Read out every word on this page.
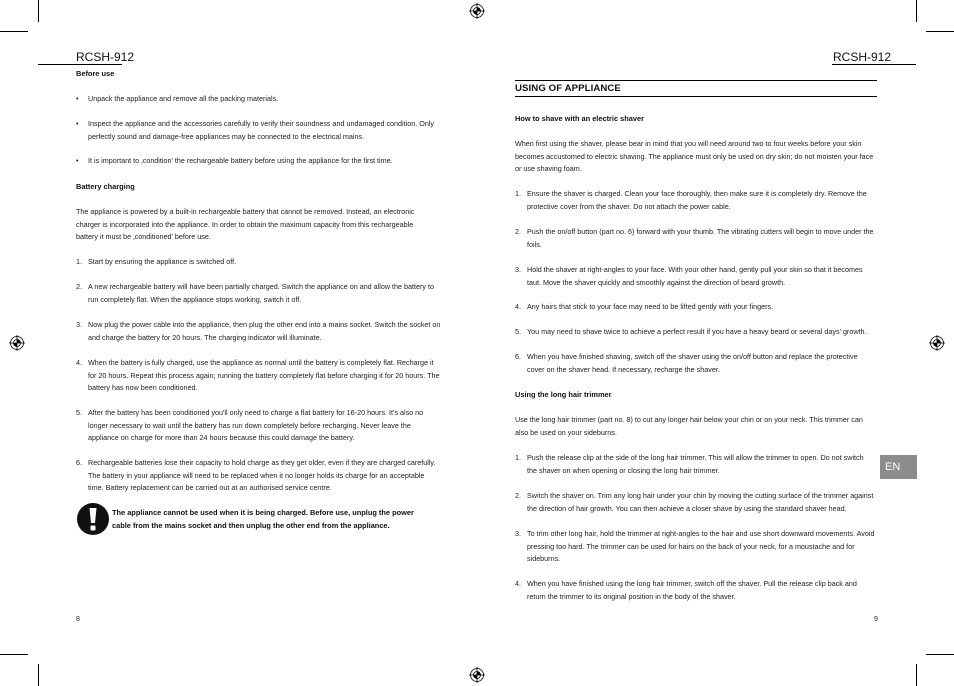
RCSH-912
Before use
• Unpack the appliance and remove all the packing materials.
• Inspect the appliance and the accessories carefully to verify their soundness and undamaged condition. Only perfectly sound and damage-free appliances may be connected to the electrical mains.
• It is important to ‚condition' the rechargeable battery before using the appliance for the first time.
Battery charging
The appliance is powered by a built-in rechargeable battery that cannot be removed. Instead, an electronic charger is incorporated into the appliance. In order to obtain the maximum capacity from this rechargeable battery it must be ‚conditioned' before use.
1. Start by ensuring the appliance is switched off.
2. A new rechargeable battery will have been partially charged. Switch the appliance on and allow the battery to run completely flat. When the appliance stops working, switch it off.
3. Now plug the power cable into the appliance, then plug the other end into a mains socket. Switch the socket on and charge the battery for 20 hours. The charging indicator will illuminate.
4. When the battery is fully charged, use the appliance as normal until the battery is completely flat. Recharge it for 20 hours. Repeat this process again; running the battery completely flat before charging it for 20 hours. The battery has now been conditioned.
5. After the battery has been conditioned you'll only need to charge a flat battery for 16-20 hours. It's also no longer necessary to wait until the battery has run down completely before recharging. Never leave the appliance on charge for more than 24 hours because this could damage the battery.
6. Rechargeable batteries lose their capacity to hold charge as they get older, even if they are charged carefully. The battery in your appliance will need to be replaced when it no longer holds its charge for an acceptable time. Battery replacement can be carried out at an authorised service centre.
The appliance cannot be used when it is being charged. Before use, unplug the power cable from the mains socket and then unplug the other end from the appliance.
8
RCSH-912
USING OF APPLIANCE
How to shave with an electric shaver
When first using the shaver, please bear in mind that you will need around two to four weeks before your skin becomes accustomed to electric shaving. The appliance must only be used on dry skin; do not moisten your face or use shaving foam.
1. Ensure the shaver is charged. Clean your face thoroughly, then make sure it is completely dry. Remove the protective cover from the shaver. Do not attach the power cable.
2. Push the on/off button (part no. 6) forward with your thumb. The vibrating cutters will begin to move under the foils.
3. Hold the shaver at right-angles to your face. With your other hand, gently pull your skin so that it becomes taut. Move the shaver quickly and smoothly against the direction of beard growth.
4. Any hairs that stick to your face may need to be lifted gently with your fingers.
5. You may need to shave twice to achieve a perfect result if you have a heavy beard or several days' growth.
6. When you have finished shaving, switch off the shaver using the on/off button and replace the protective cover on the shaver head. If necessary, recharge the shaver.
Using the long hair trimmer
Use the long hair trimmer (part no. 8) to cut any longer hair below your chin or on your neck. This trimmer can also be used on your sideburns.
1. Push the release clip at the side of the long hair trimmer. This will allow the trimmer to open. Do not switch the shaver on when opening or closing the long hair trimmer.
2. Switch the shaver on. Trim any long hair under your chin by moving the cutting surface of the trimmer against the direction of hair growth. You can then achieve a closer shave by using the standard shaver head.
3. To trim other long hair, hold the trimmer at right-angles to the hair and use short downward movements. Avoid pressing too hard. The trimmer can be used for hairs on the back of your neck, for a moustache and for sideburns.
4. When you have finished using the long hair trimmer, switch off the shaver. Pull the release clip back and return the trimmer to its original position in the body of the shaver.
EN
9
